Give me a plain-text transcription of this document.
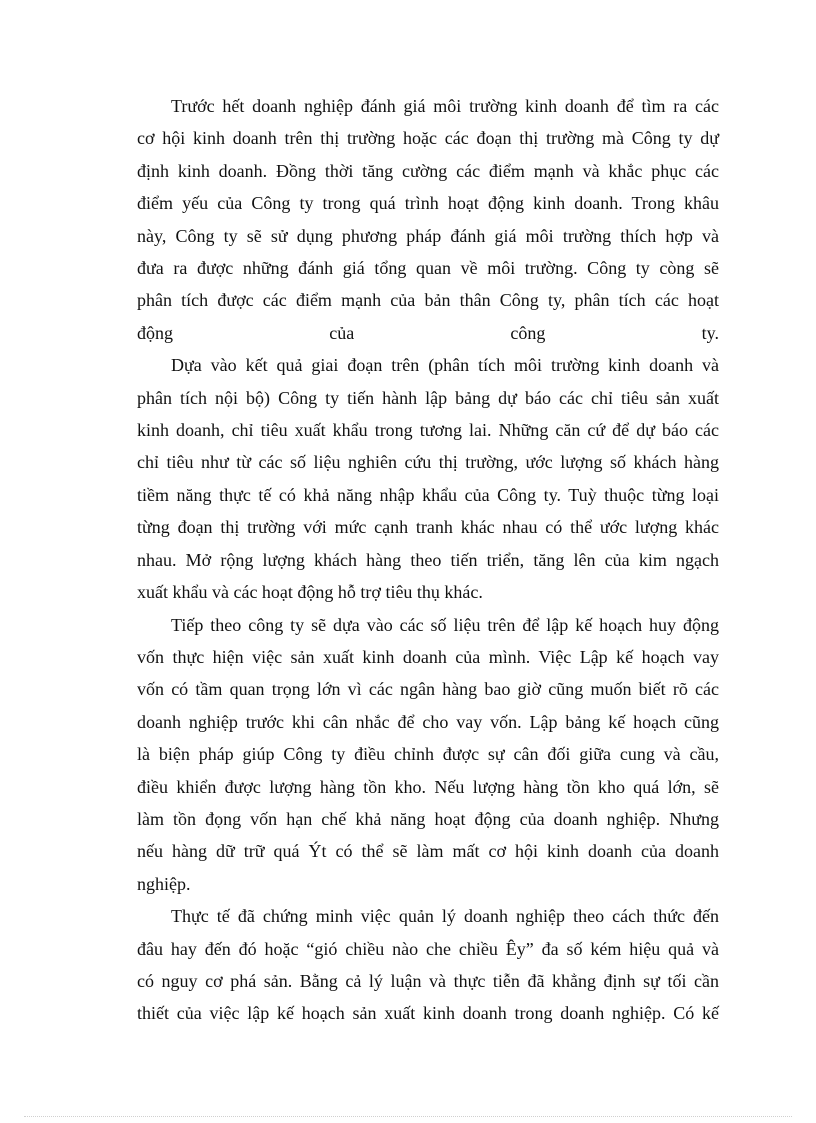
Trước hết doanh nghiệp đánh giá môi trường kinh doanh để tìm ra các
cơ hội kinh doanh trên thị trường hoặc các đoạn thị trường mà Công ty dự
định kinh doanh. Đồng thời tăng cường các điểm mạnh và khắc phục các
điểm yếu của Công ty trong quá trình hoạt động kinh doanh. Trong khâu
này, Công ty sẽ sử dụng phương pháp đánh giá môi trường thích hợp và
đưa ra được những đánh giá tổng quan về môi trường. Công ty còng sẽ
phân tích được các điểm mạnh của bản thân Công ty, phân tích các hoạt
động của công ty.

Dựa vào kết quả giai đoạn trên (phân tích môi trường kinh doanh và
phân tích nội bộ) Công ty tiến hành lập bảng dự báo các chỉ tiêu sản xuất
kinh doanh, chỉ tiêu xuất khẩu trong tương lai. Những căn cứ để dự báo các
chỉ tiêu như từ các số liệu nghiên cứu thị trường, ước lượng số khách hàng
tiềm năng thực tế có khả năng nhập khẩu của Công ty. Tuỳ thuộc từng loại
từng đoạn thị trường với mức cạnh tranh khác nhau có thể ước lượng khác
nhau. Mở rộng lượng khách hàng theo tiến triển, tăng lên của kim ngạch
xuất khẩu và các hoạt động hỗ trợ tiêu thụ khác.

Tiếp theo công ty sẽ dựa vào các số liệu trên để lập kế hoạch huy động
vốn thực hiện việc sản xuất kinh doanh của mình. Việc Lập kế hoạch vay
vốn có tầm quan trọng lớn vì các ngân hàng bao giờ cũng muốn biết rõ các
doanh nghiệp trước khi cân nhắc để cho vay vốn. Lập bảng kế hoạch cũng
là biện pháp giúp Công ty điều chỉnh được sự cân đối giữa cung và cầu,
điều khiển được lượng hàng tồn kho. Nếu lượng hàng tồn kho quá lớn, sẽ
làm tồn đọng vốn hạn chế khả năng hoạt động của doanh nghiệp. Nhưng
nếu hàng dữ trữ quá Ýt có thể sẽ làm mất cơ hội kinh doanh của doanh
nghiệp.

Thực tế đã chứng minh việc quản lý doanh nghiệp theo cách thức đến
đâu hay đến đó hoặc “gió chiều nào che chiều Êy” đa số kém hiệu quả và
có nguy cơ phá sản. Bằng cả lý luận và thực tiễn đã khẳng định sự tối cần
thiết của việc lập kế hoạch sản xuất kinh doanh trong doanh nghiệp. Có kế
